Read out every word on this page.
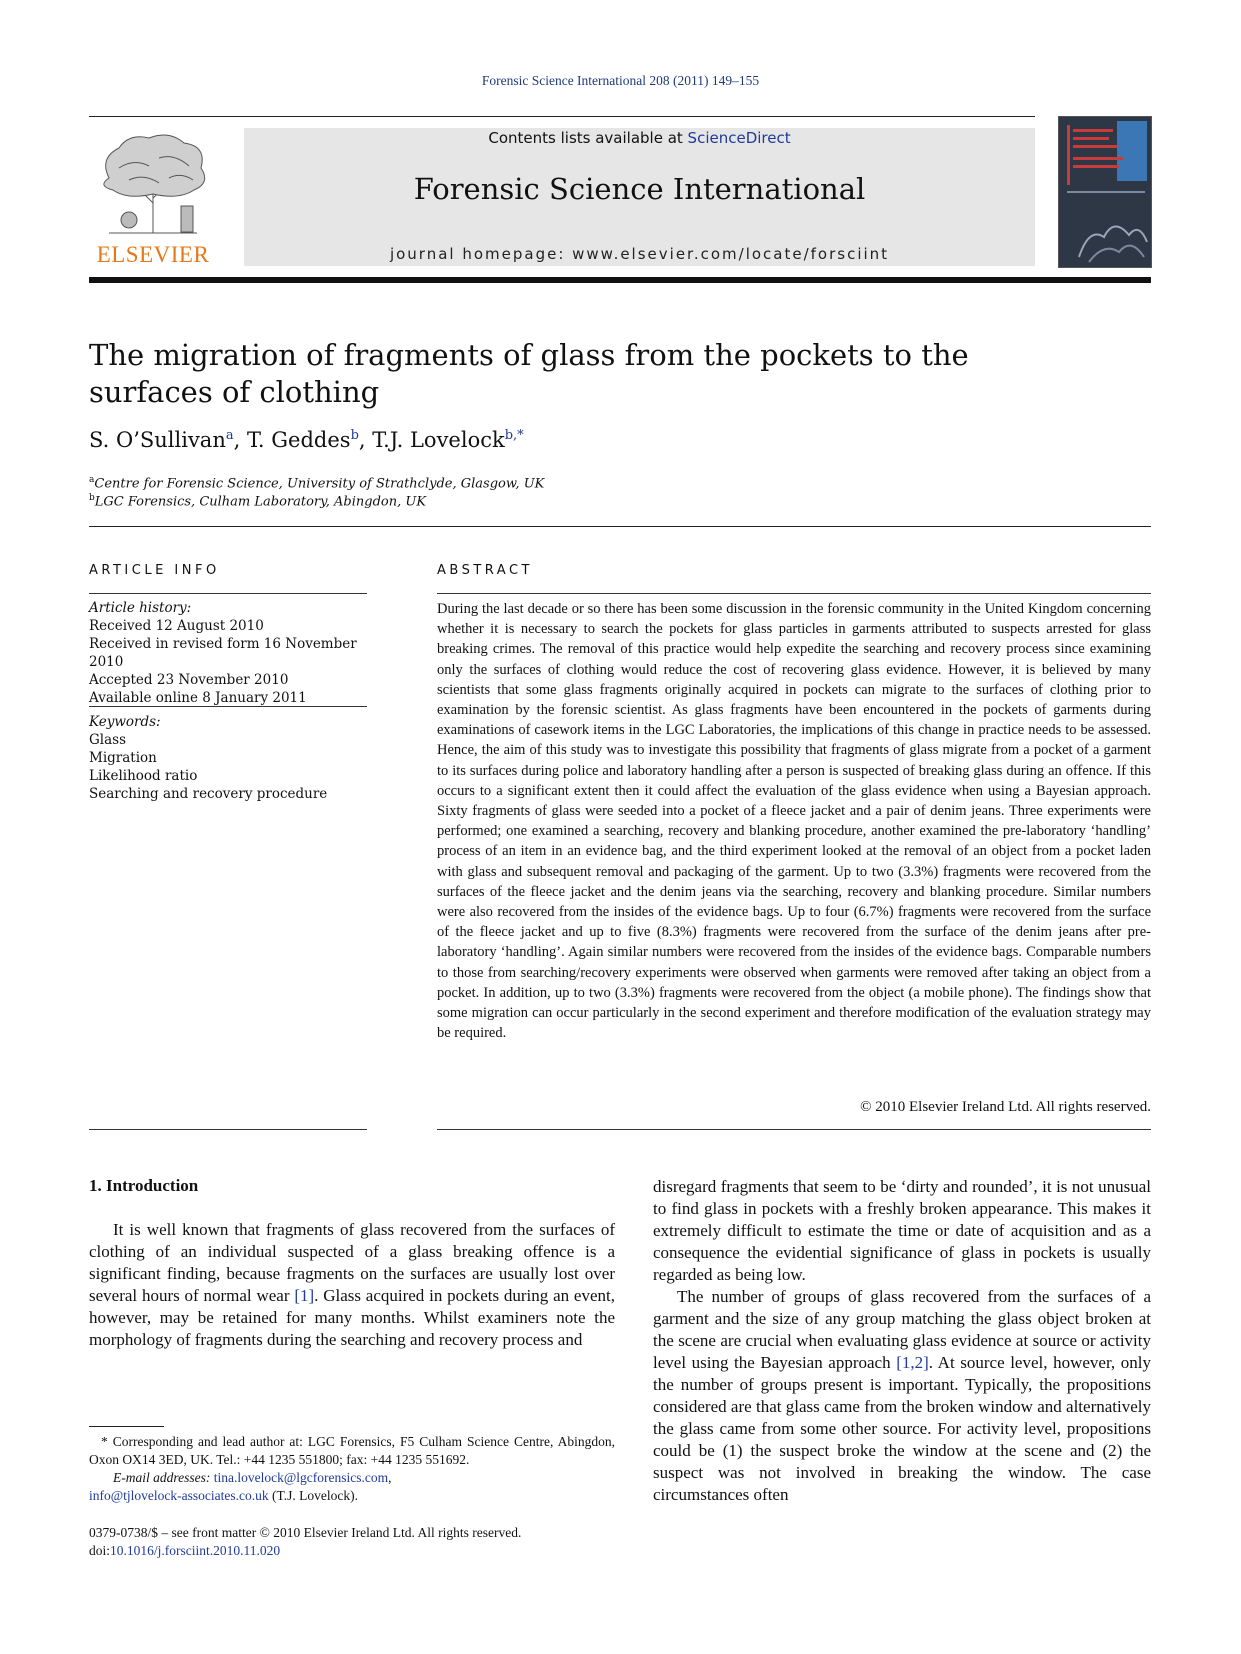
Forensic Science International 208 (2011) 149–155
ELSEVIER
Contents lists available at ScienceDirect
Forensic Science International
journal homepage: www.elsevier.com/locate/forsciint
The migration of fragments of glass from the pockets to the
surfaces of clothing
S. O’Sullivan$^a$, T. Geddes$^b$, T.J. Lovelock$^{b,*}$
$^a$Centre for Forensic Science, University of Strathclyde, Glasgow, UK
$^b$LGC Forensics, Culham Laboratory, Abingdon, UK
ARTICLE INFO
Article history:
Received 12 August 2010
Received in revised form 16 November 2010
Accepted 23 November 2010
Available online 8 January 2011
Keywords:
Glass
Migration
Likelihood ratio
Searching and recovery procedure
ABSTRACT
During the last decade or so there has been some discussion in the forensic community in the United Kingdom concerning whether it is necessary to search the pockets for glass particles in garments attributed to suspects arrested for glass breaking crimes. The removal of this practice would help expedite the searching and recovery process since examining only the surfaces of clothing would reduce the cost of recovering glass evidence. However, it is believed by many scientists that some glass fragments originally acquired in pockets can migrate to the surfaces of clothing prior to examination by the forensic scientist. As glass fragments have been encountered in the pockets of garments during examinations of casework items in the LGC Laboratories, the implications of this change in practice needs to be assessed. Hence, the aim of this study was to investigate this possibility that fragments of glass migrate from a pocket of a garment to its surfaces during police and laboratory handling after a person is suspected of breaking glass during an offence. If this occurs to a significant extent then it could affect the evaluation of the glass evidence when using a Bayesian approach. Sixty fragments of glass were seeded into a pocket of a fleece jacket and a pair of denim jeans. Three experiments were performed; one examined a searching, recovery and blanking procedure, another examined the pre-laboratory ‘handling’ process of an item in an evidence bag, and the third experiment looked at the removal of an object from a pocket laden with glass and subsequent removal and packaging of the garment. Up to two (3.3%) fragments were recovered from the surfaces of the fleece jacket and the denim jeans via the searching, recovery and blanking procedure. Similar numbers were also recovered from the insides of the evidence bags. Up to four (6.7%) fragments were recovered from the surface of the fleece jacket and up to five (8.3%) fragments were recovered from the surface of the denim jeans after pre-laboratory ‘handling’. Again similar numbers were recovered from the insides of the evidence bags. Comparable numbers to those from searching/recovery experiments were observed when garments were removed after taking an object from a pocket. In addition, up to two (3.3%) fragments were recovered from the object (a mobile phone). The findings show that some migration can occur particularly in the second experiment and therefore modification of the evaluation strategy may be required.
© 2010 Elsevier Ireland Ltd. All rights reserved.
1. Introduction

It is well known that fragments of glass recovered from the surfaces of clothing of an individual suspected of a glass breaking offence is a significant finding, because fragments on the surfaces are usually lost over several hours of normal wear [1]. Glass acquired in pockets during an event, however, may be retained for many months. Whilst examiners note the morphology of fragments during the searching and recovery process and

disregard fragments that seem to be ‘dirty and rounded’, it is not unusual to find glass in pockets with a freshly broken appearance. This makes it extremely difficult to estimate the time or date of acquisition and as a consequence the evidential significance of glass in pockets is usually regarded as being low.

The number of groups of glass recovered from the surfaces of a garment and the size of any group matching the glass object broken at the scene are crucial when evaluating glass evidence at source or activity level using the Bayesian approach [1,2]. At source level, however, only the number of groups present is important. Typically, the propositions considered are that glass came from the broken window and alternatively the glass came from some other source. For activity level, propositions could be (1) the suspect broke the window at the scene and (2) the suspect was not involved in breaking the window. The case circumstances often

* Corresponding and lead author at: LGC Forensics, F5 Culham Science Centre, Abingdon, Oxon OX14 3ED, UK. Tel.: +44 1235 551800; fax: +44 1235 551692.
E-mail addresses: tina.lovelock@lgcforensics.com,
info@tjlovelock-associates.co.uk (T.J. Lovelock).
0379-0738/$ – see front matter © 2010 Elsevier Ireland Ltd. All rights reserved.
doi:10.1016/j.forsciint.2010.11.020
